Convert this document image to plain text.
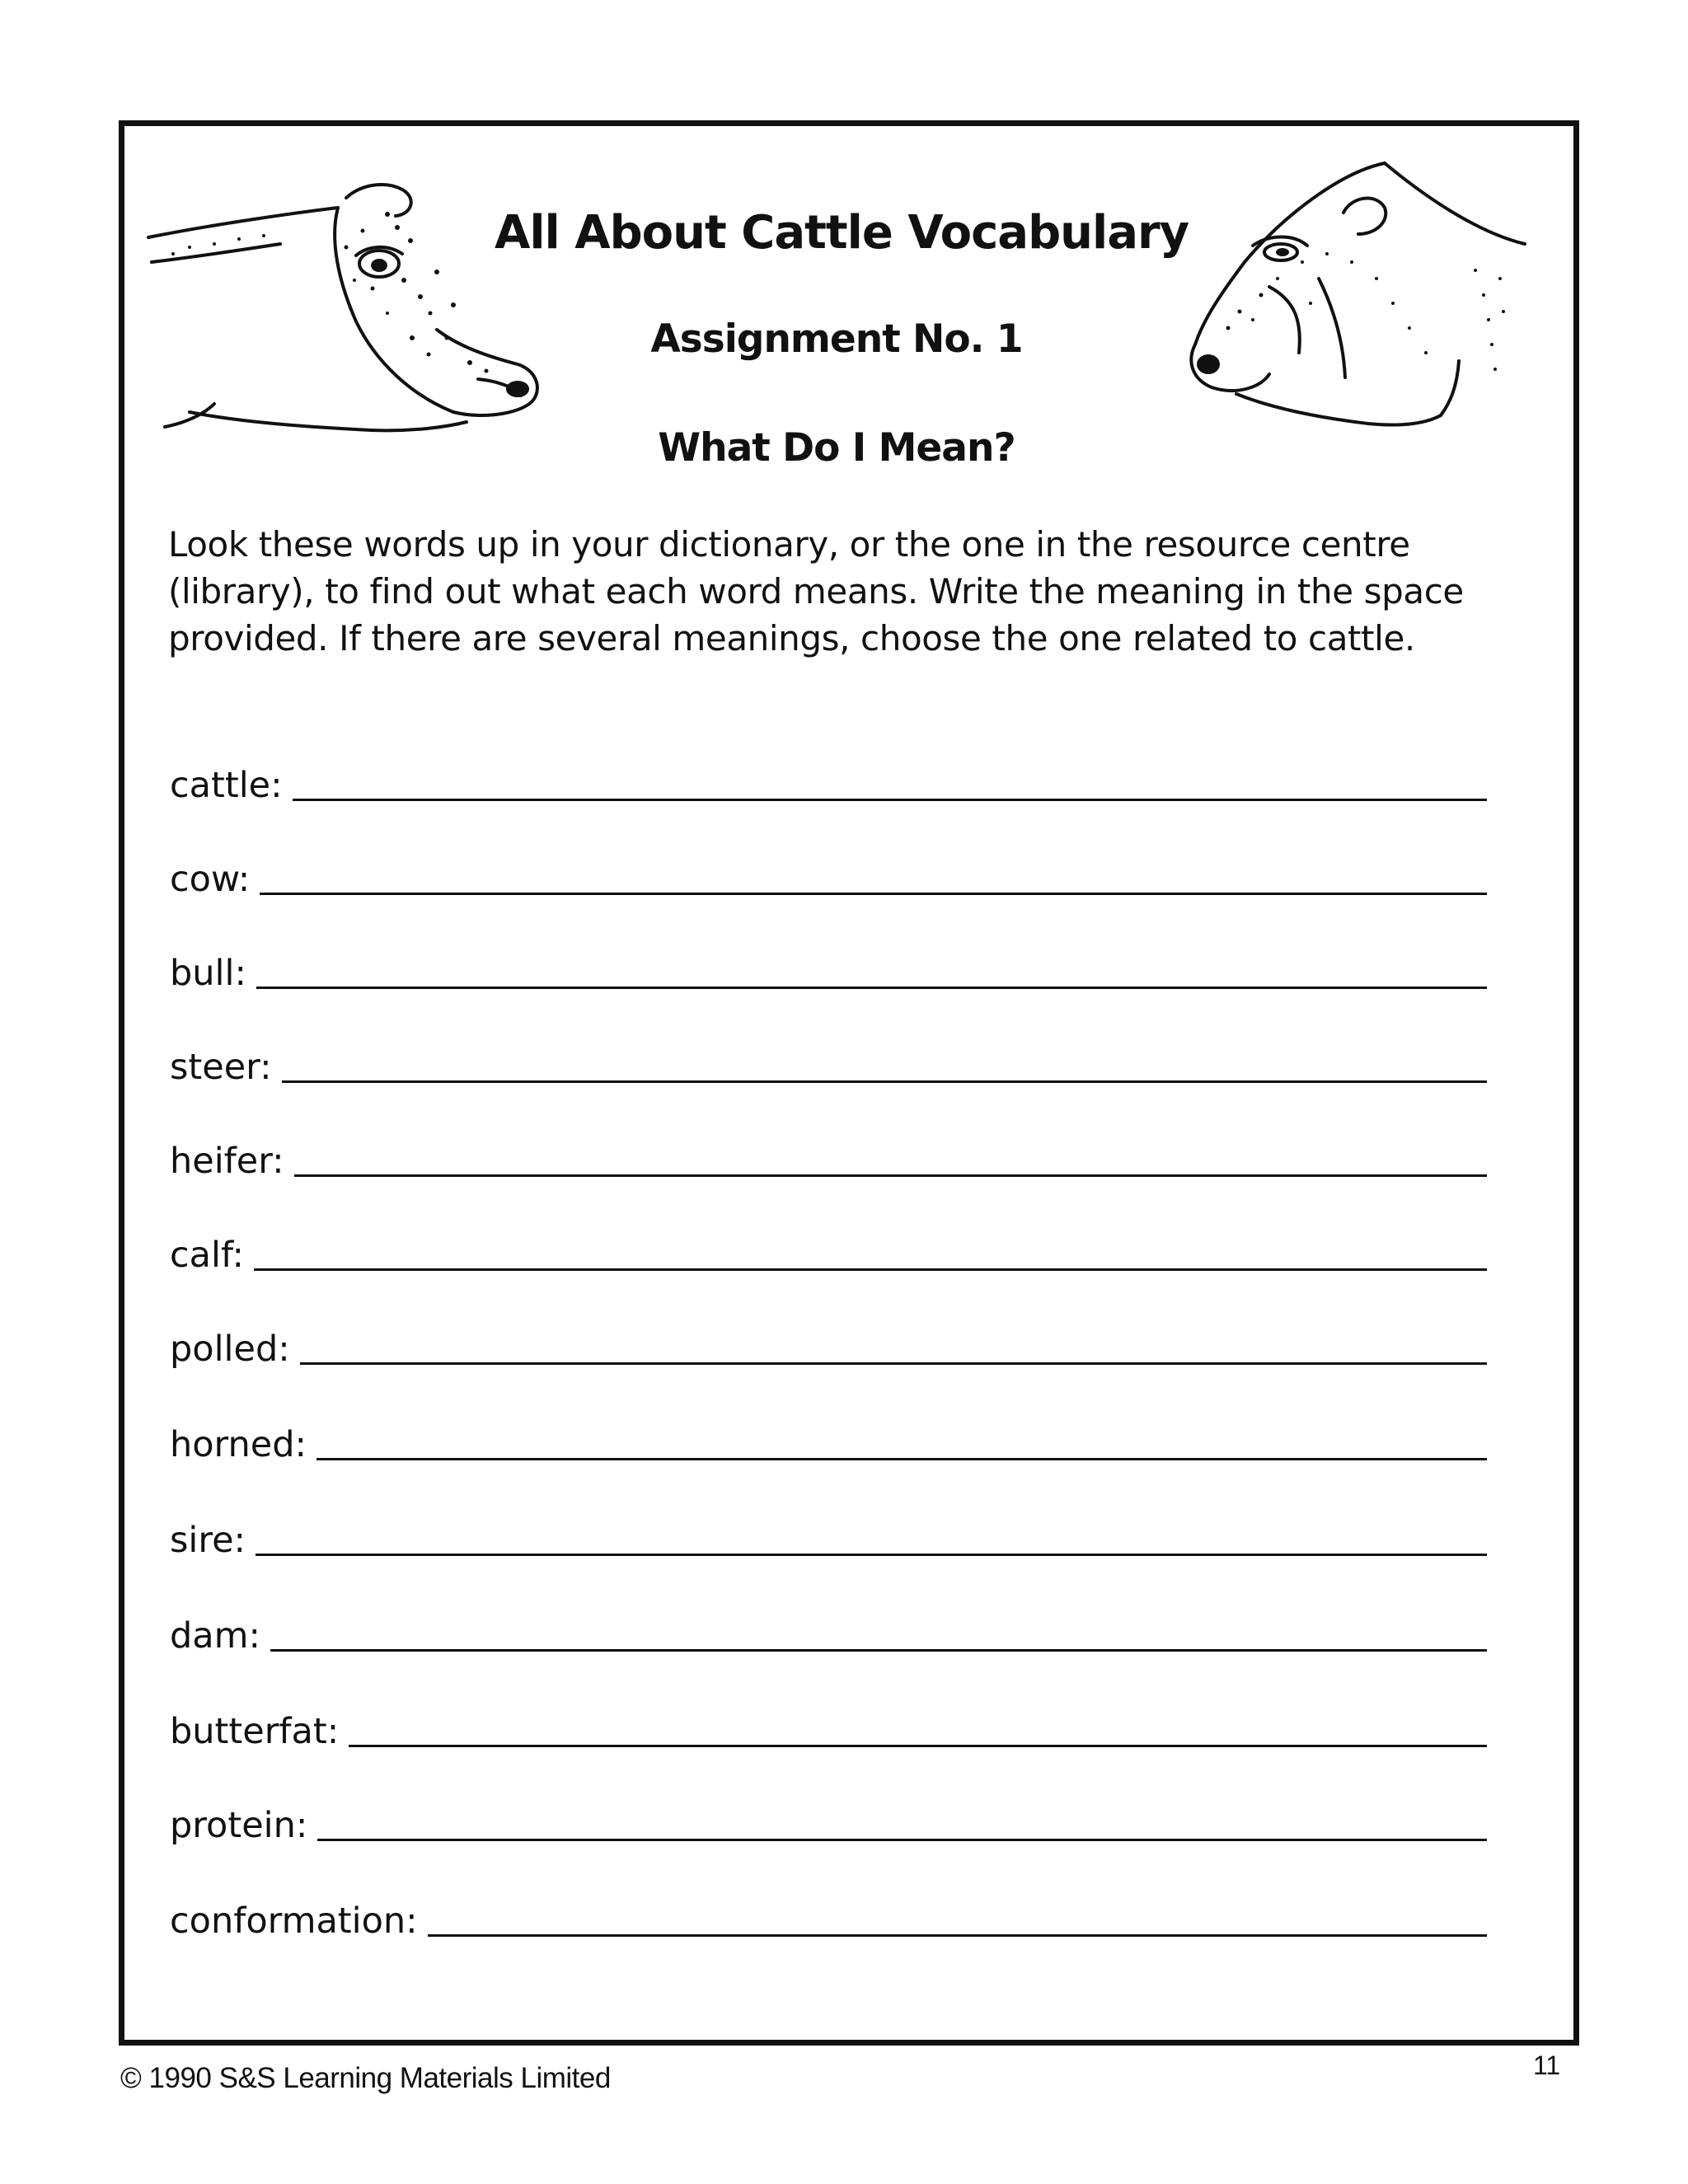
All About Cattle Vocabulary
Assignment No. 1
What Do I Mean?
Look these words up in your dictionary, or the one in the resource centre (library), to find out what each word means. Write the meaning in the space provided. If there are several meanings, choose the one related to cattle.
cattle:
cow:
bull:
steer:
heifer:
calf:
polled:
horned:
sire:
dam:
butterfat:
protein:
conformation:
© 1990 S&S Learning Materials Limited	11
